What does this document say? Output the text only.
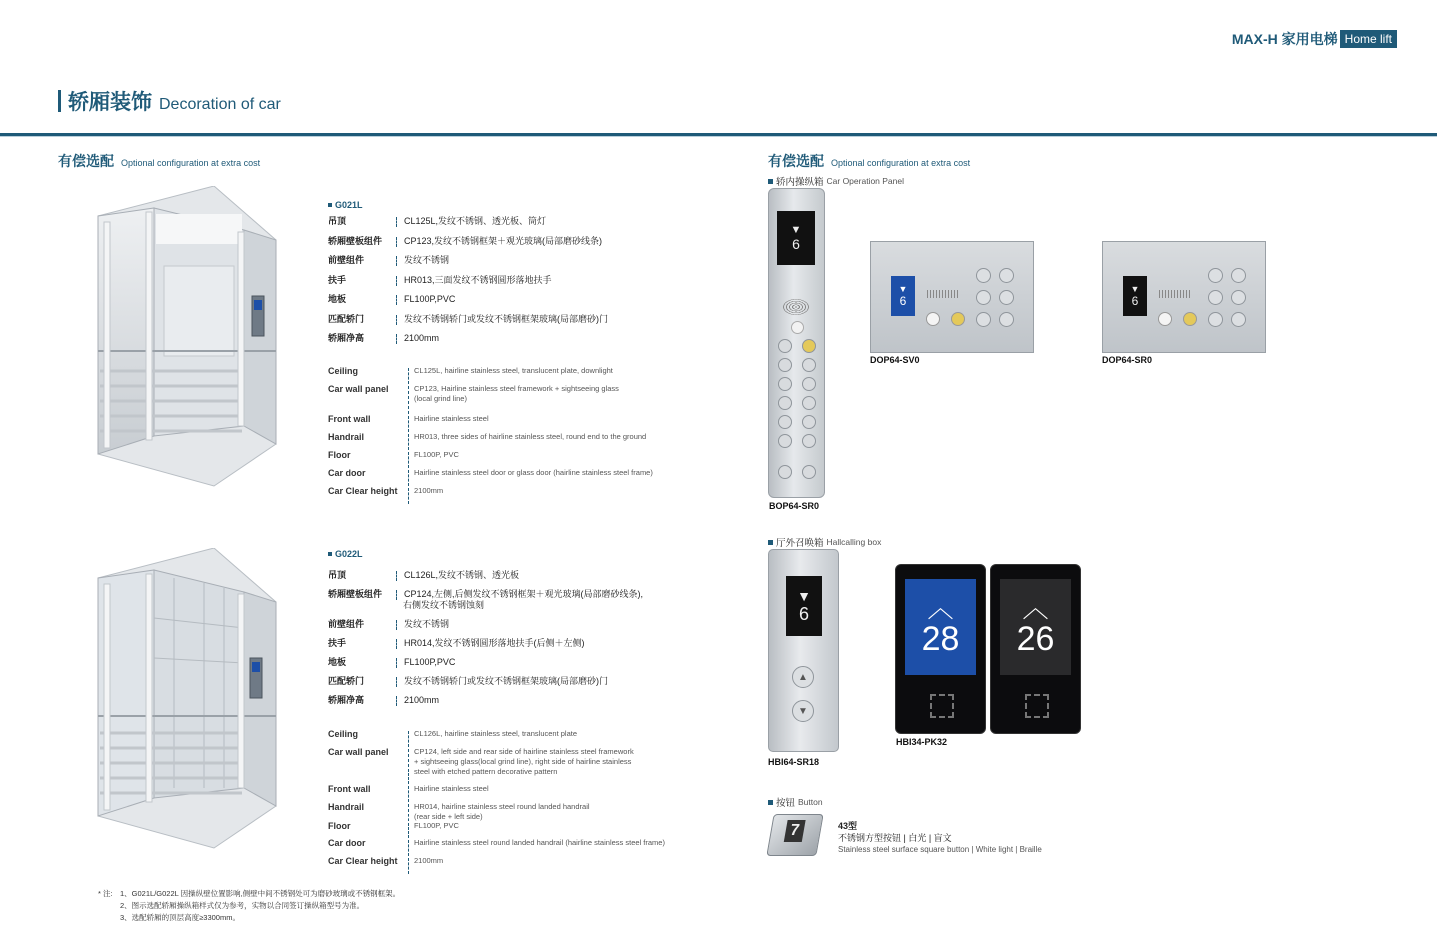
MAX-H 家用电梯 Home lift
轿厢装饰 Decoration of car
有偿选配 Optional configuration at extra cost
G021L
吊顶	CL125L,发纹不锈钢、透光板、筒灯
轿厢壁板组件	CP123,发纹不锈钢框架＋观光玻璃(局部磨砂线条)
前壁组件	发纹不锈钢
扶手	HR013,三面发纹不锈钢圆形落地扶手
地板	FL100P,PVC
匹配轿门	发纹不锈钢轿门或发纹不锈钢框架玻璃(局部磨砂)门
轿厢净高	2100mm
Ceiling	CL125L, hairline stainless steel, translucent plate, downlight
Car wall panel	CP123, Hairline stainless steel framework + sightseeing glass
(local grind line)
Front wall	Hairline stainless steel
Handrail	HR013, three sides of hairline stainless steel, round end to the ground
Floor	FL100P, PVC
Car door	Hairline stainless steel door or glass door (hairline stainless steel frame)
Car Clear height	2100mm
G022L
吊顶	CL126L,发纹不锈钢、透光板
轿厢壁板组件	CP124,左侧,后侧发纹不锈钢框架＋观光玻璃(局部磨砂线条),
右侧发纹不锈钢蚀刻
前壁组件	发纹不锈钢
扶手	HR014,发纹不锈钢圆形落地扶手(后侧＋左侧)
地板	FL100P,PVC
匹配轿门	发纹不锈钢轿门或发纹不锈钢框架玻璃(局部磨砂)门
轿厢净高	2100mm
Ceiling	CL126L, hairline stainless steel, translucent plate
Car wall panel	CP124, left side and rear side of hairline stainless steel framework
+ sightseeing glass(local grind line), right side of hairline stainless
steel with etched pattern decorative pattern
Front wall	Hairline stainless steel
Handrail	HR014, hairline stainless steel round landed handrail
(rear side + left side)
Floor	FL100P, PVC
Car door	Hairline stainless steel round landed handrail (hairline stainless steel frame)
Car Clear height	2100mm
* 注: 1、G021L/G022L 因操纵壁位置影响,侧壁中间不锈钢处可为磨砂玻璃或不锈钢框架。
2、图示选配轿厢操纵箱样式仅为参考，实物以合同签订操纵箱型号为准。
3、选配轿厢的顶层高度≥3300mm。
有偿选配 Optional configuration at extra cost
轿内操纵箱 Car Operation Panel
▼
6
BOP64-SR0
▼
6
DOP64-SV0
▼
6
DOP64-SR0
厅外召唤箱 Hallcalling box
▼
6
▲
▼
HBI64-SR18
︿
28
︿
26
HBI34-PK32
按钮 Button
7	43型
不锈钢方型按钮 | 白光 | 盲文
Stainless steel surface square button | White light | Braille
